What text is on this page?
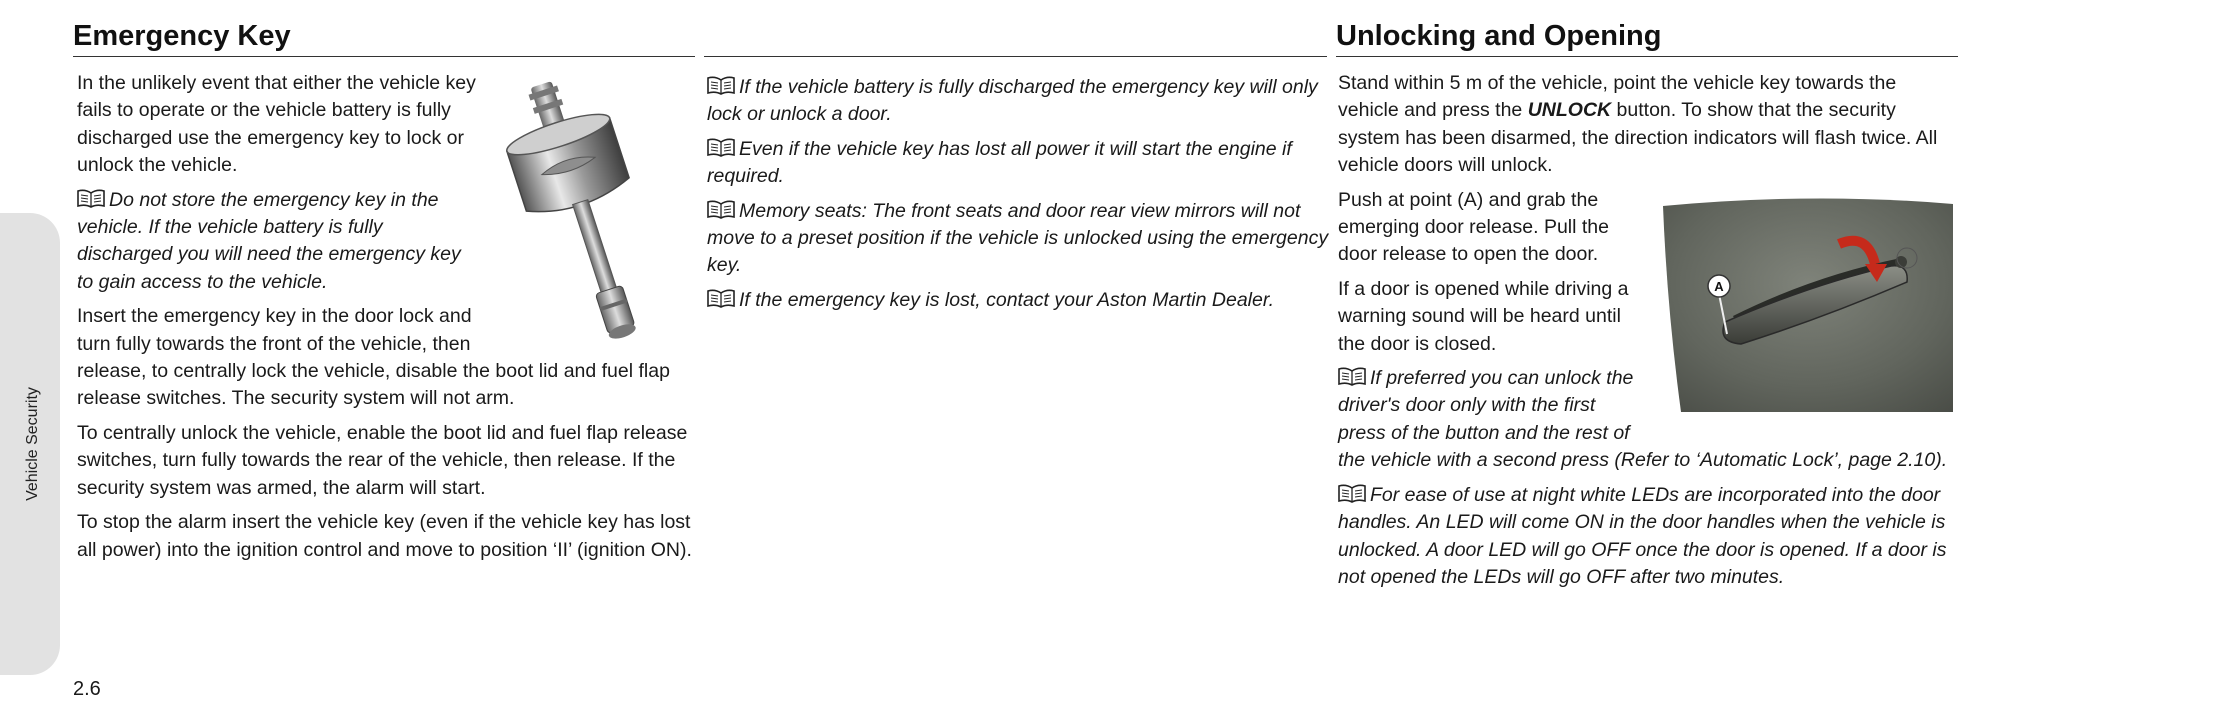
Vehicle Security
Emergency Key	Unlocking and Opening
A

In the unlikely event that either the vehicle key fails to operate or the vehicle battery is fully discharged use the emergency key to lock or unlock the vehicle.

Do not store the emergency key in the vehicle. If the vehicle battery is fully discharged you will need the emergency key to gain access to the vehicle.

Insert the emergency key in the door lock and turn fully towards the front of the vehicle, then release, to centrally lock the vehicle, disable the boot lid and fuel flap release switches. The security system will not arm.

To centrally unlock the vehicle, enable the boot lid and fuel flap release switches, turn fully towards the rear of the vehicle, then release. If the security system was armed, the alarm will start.

To stop the alarm insert the vehicle key (even if the vehicle key has lost all power) into the ignition control and move to position ‘II’ (ignition ON).

If the vehicle battery is fully discharged the emergency key will only lock or unlock a door.

Even if the vehicle key has lost all power it will start the engine if required.

Memory seats: The front seats and door rear view mirrors will not move to a preset position if the vehicle is unlocked using the emergency key.

If the emergency key is lost, contact your Aston Martin Dealer.

Stand within 5 m of the vehicle, point the vehicle key towards the vehicle and press the UNLOCK button. To show that the security system has been disarmed, the direction indicators will flash twice. All vehicle doors will unlock.

Push at point (A) and grab the emerging door release. Pull the door release to open the door.

If a door is opened while driving a warning sound will be heard until the door is closed.

If preferred you can unlock the driver's door only with the first press of the button and the rest of the vehicle with a second press (Refer to ‘Automatic Lock’, page 2.10).

For ease of use at night white LEDs are incorporated into the door handles. An LED will come ON in the door handles when the vehicle is unlocked. A door LED will go OFF once the door is opened. If a door is not opened the LEDs will go OFF after two minutes.

2.6
